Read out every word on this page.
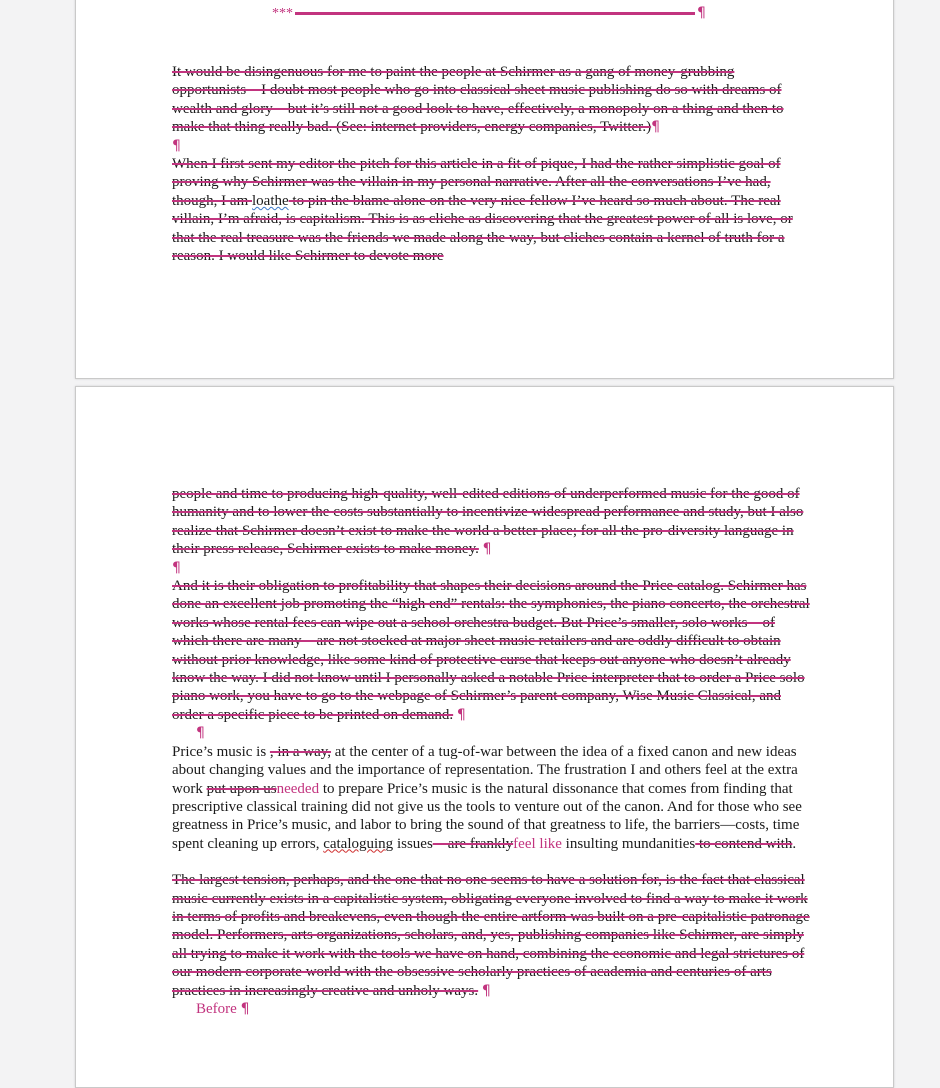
***	¶

It would be disingenuous for me to paint the people at Schirmer as a gang of money-grubbing opportunists—I doubt most people who go into classical sheet music publishing do so with dreams of wealth and glory—but it’s still not a good look to have, effectively, a monopoly on a thing and then to make that thing really bad. (See: internet providers, energy companies, Twitter.)¶

¶

When I first sent my editor the pitch for this article in a fit of pique, I had the rather simplistic goal of proving why Schirmer was the villain in my personal narrative. After all the conversations I’ve had, though, I am loathe to pin the blame alone on the very nice fellow I’ve heard so much about. The real villain, I’m afraid, is capitalism. This is as cliche as discovering that the greatest power of all is love, or that the real treasure was the friends we made along the way, but cliches contain a kernel of truth for a reason. I would like Schirmer to devote more

people and time to producing high-quality, well-edited editions of underperformed music for the good of humanity and to lower the costs substantially to incentivize widespread performance and study, but I also realize that Schirmer doesn’t exist to make the world a better place; for all the pro-diversity language in their press release, Schirmer exists to make money. ¶

¶

And it is their obligation to profitability that shapes their decisions around the Price catalog. Schirmer has done an excellent job promoting the “high end” rentals: the symphonies, the piano concerto, the orchestral works whose rental fees can wipe out a school orchestra budget. But Price’s smaller, solo works—of which there are many—are not stocked at major sheet music retailers and are oddly difficult to obtain without prior knowledge, like some kind of protective curse that keeps out anyone who doesn’t already know the way. I did not know until I personally asked a notable Price interpreter that to order a Price solo piano work, you have to go to the webpage of Schirmer’s parent company, Wise Music Classical, and order a specific piece to be printed on demand. ¶

¶

Price’s music is , in a way, at the center of a tug-of-war between the idea of a fixed canon and new ideas about changing values and the importance of representation. The frustration I and others feel at the extra work put upon usneeded to prepare Price’s music is the natural dissonance that comes from finding that prescriptive classical training did not give us the tools to venture out of the canon. And for those who see greatness in Price’s music, and labor to bring the sound of that greatness to life, the barriers—costs, time spent cleaning up errors, cataloguing issues—are franklyfeel like insulting mundanities to contend with.

The largest tension, perhaps, and the one that no one seems to have a solution for, is the fact that classical music currently exists in a capitalistic system, obligating everyone involved to find a way to make it work in terms of profits and breakevens, even though the entire artform was built on a pre-capitalistic patronage model. Performers, arts organizations, scholars, and, yes, publishing companies like Schirmer, are simply all trying to make it work with the tools we have on hand, combining the economic and legal strictures of our modern corporate world with the obsessive scholarly practices of academia and centuries of arts practices in increasingly creative and unholy ways. ¶

Before ¶
